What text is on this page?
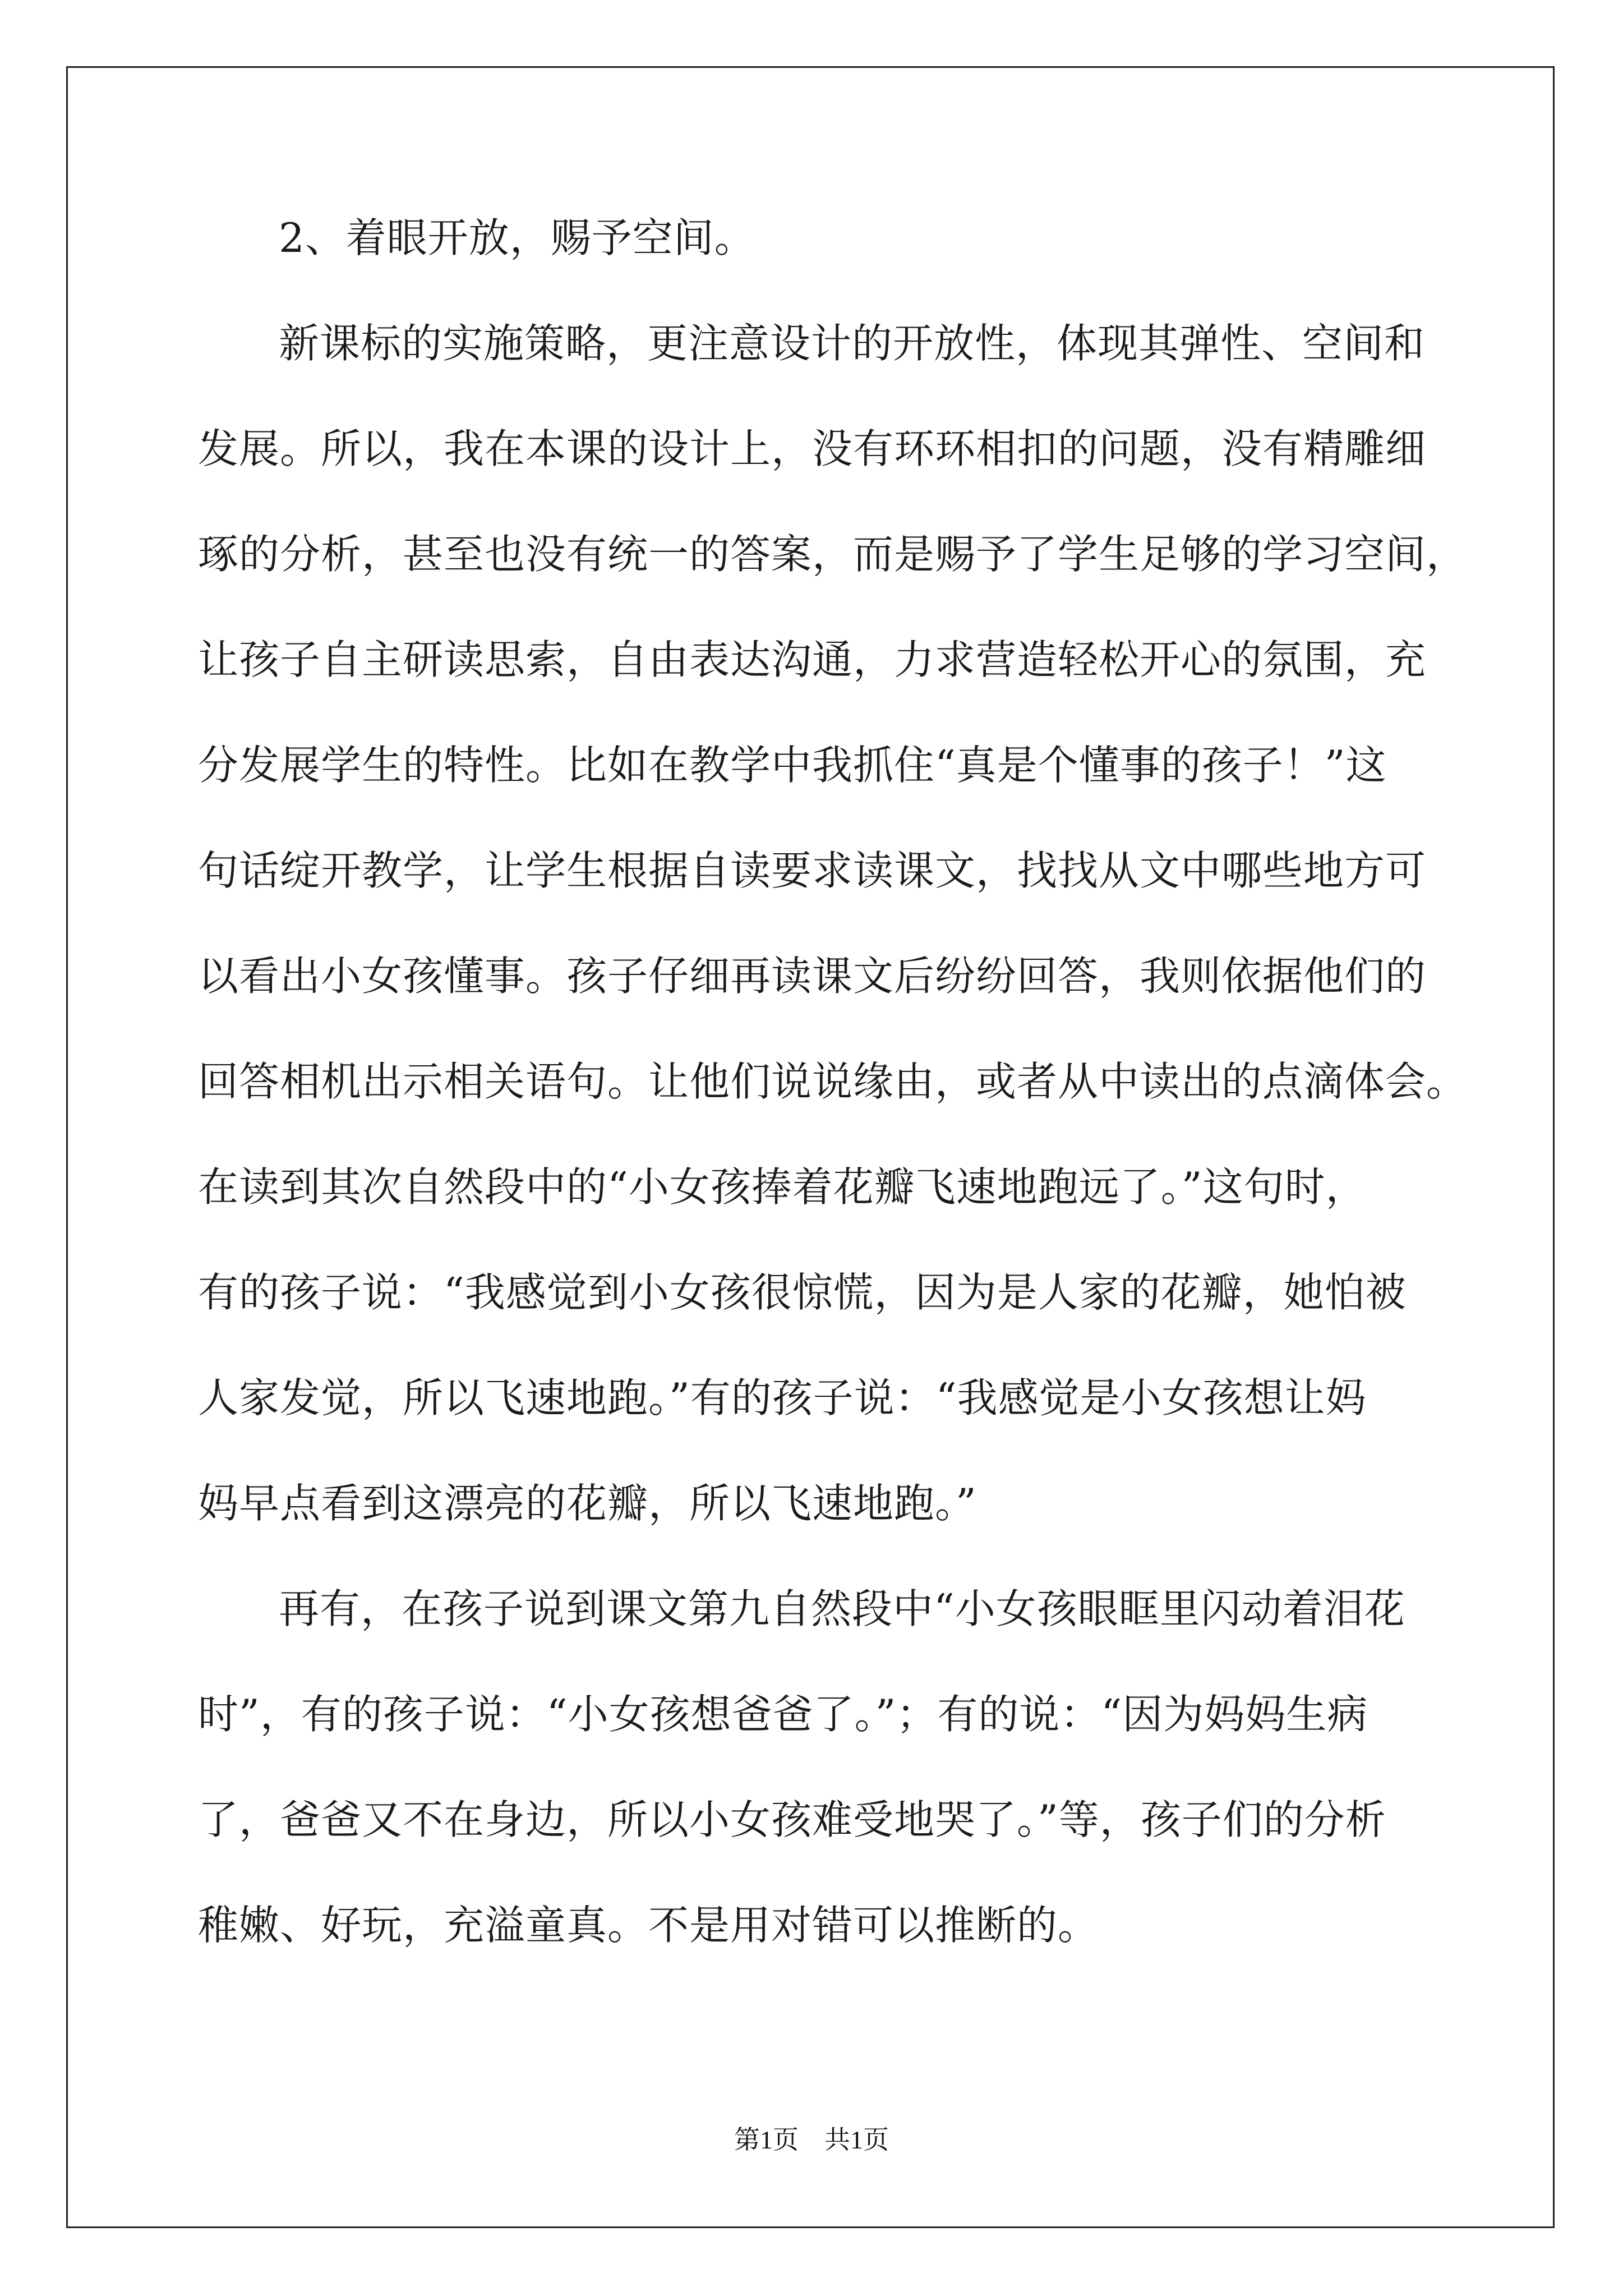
2、着眼开放，赐予空间。
新课标的实施策略，更注意设计的开放性，体现其弹性、空间和
发展。所以，我在本课的设计上，没有环环相扣的问题，没有精雕细
琢的分析，甚至也没有统一的答案，而是赐予了学生足够的学习空间，
让孩子自主研读思索，自由表达沟通，力求营造轻松开心的氛围，充
分发展学生的特性。比如在教学中我抓住“真是个懂事的孩子！”这
句话绽开教学，让学生根据自读要求读课文，找找从文中哪些地方可
以看出小女孩懂事。孩子仔细再读课文后纷纷回答，我则依据他们的
回答相机出示相关语句。让他们说说缘由，或者从中读出的点滴体会。
在读到其次自然段中的“小女孩捧着花瓣飞速地跑远了。”这句时，
有的孩子说：“我感觉到小女孩很惊慌，因为是人家的花瓣，她怕被
人家发觉，所以飞速地跑。”有的孩子说：“我感觉是小女孩想让妈
妈早点看到这漂亮的花瓣，所以飞速地跑。”
再有，在孩子说到课文第九自然段中“小女孩眼眶里闪动着泪花
时”，有的孩子说：“小女孩想爸爸了。”；有的说：“因为妈妈生病
了，爸爸又不在身边，所以小女孩难受地哭了。”等，孩子们的分析
稚嫩、好玩，充溢童真。不是用对错可以推断的。
第1页　共1页
